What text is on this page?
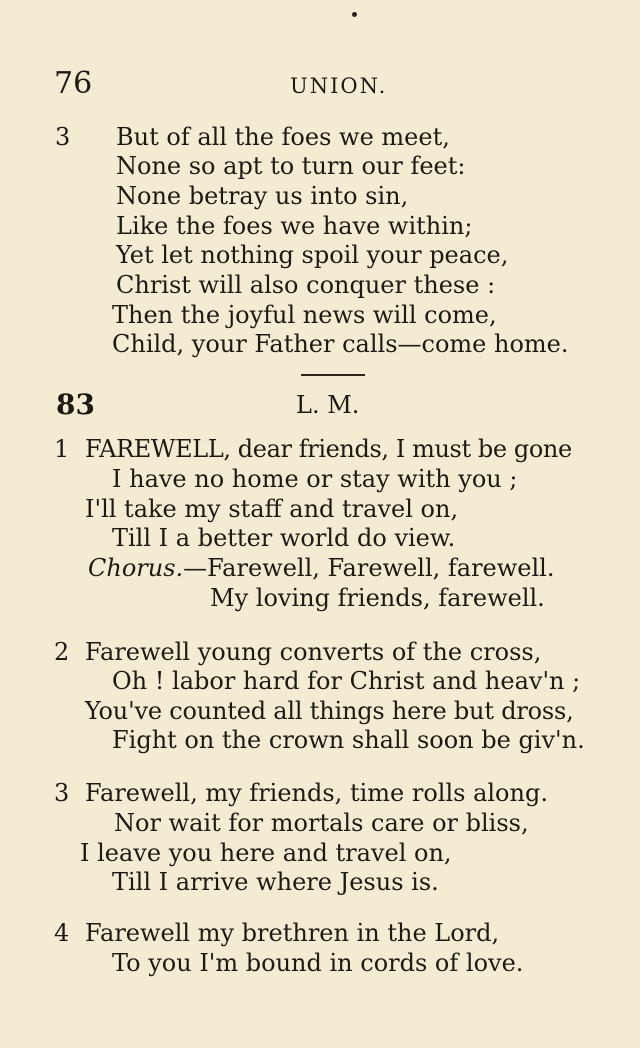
76	UNION.
3 But of all the foes we meet,
None so apt to turn our feet:
None betray us into sin,
Like the foes we have within;
Yet let nothing spoil your peace,
Christ will also conquer these :
Then the joyful news will come,
Child, your Father calls—come home.
83	L. M.
1 FAREWELL, dear friends, I must be gone
I have no home or stay with you ;
I'll take my staff and travel on,
Till I a better world do view.
Chorus.—Farewell, Farewell, farewell.
My loving friends, farewell.
2 Farewell young converts of the cross,
Oh ! labor hard for Christ and heav'n ;
You've counted all things here but dross,
Fight on the crown shall soon be giv'n.
3 Farewell, my friends, time rolls along.
Nor wait for mortals care or bliss,
I leave you here and travel on,
Till I arrive where Jesus is.
4 Farewell my brethren in the Lord,
To you I'm bound in cords of love.
